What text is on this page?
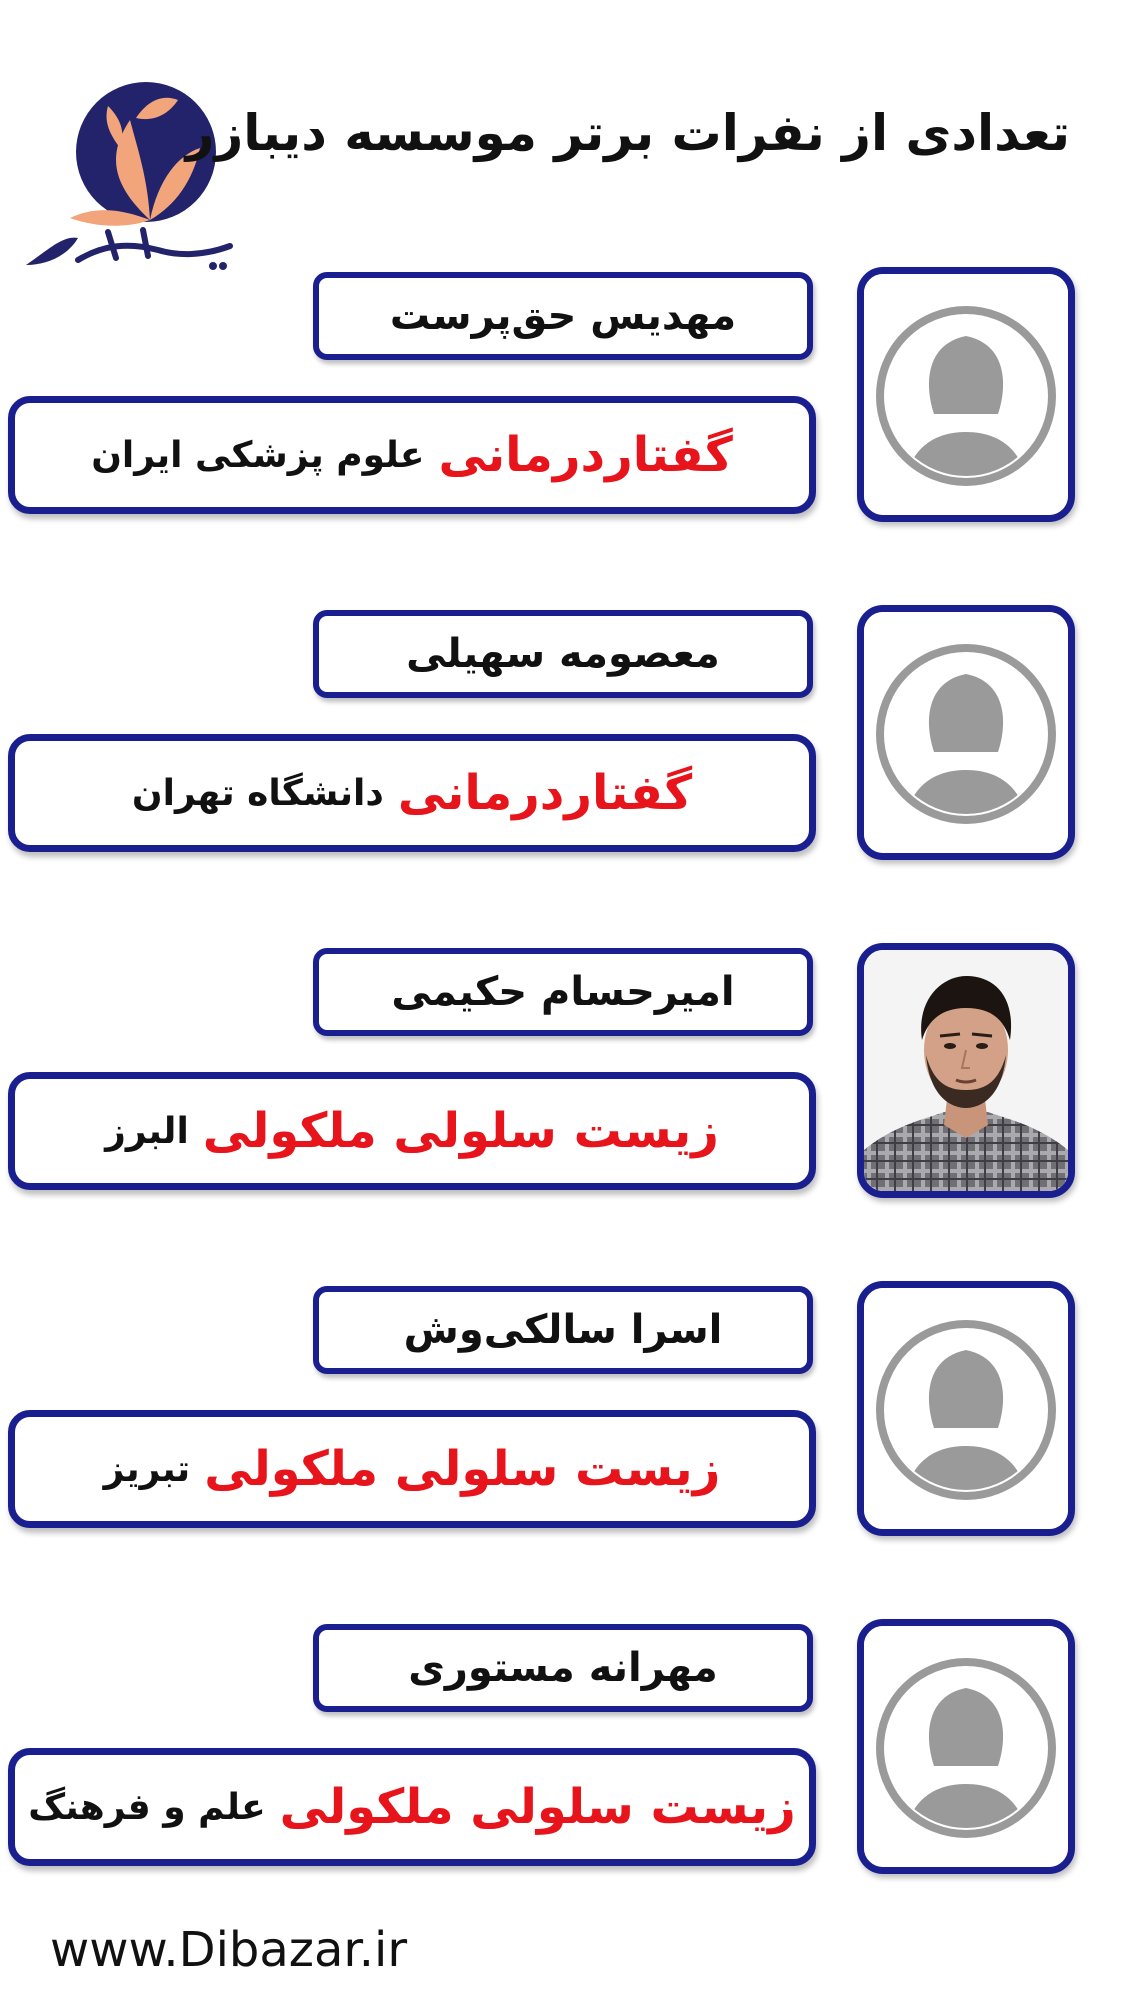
تعدادی از نفرات برتر موسسه دیبازر
مهدیس حق‌پرست
گفتاردرمانی
علوم پزشکی ایران
معصومه سهیلی
گفتاردرمانی
دانشگاه تهران
امیرحسام حکیمی
زیست سلولی ملکولی
البرز
اسرا سالکی‌وش
زیست سلولی ملکولی
تبریز
مهرانه مستوری
زیست سلولی ملکولی
علم و فرهنگ
www.Dibazar.ir
